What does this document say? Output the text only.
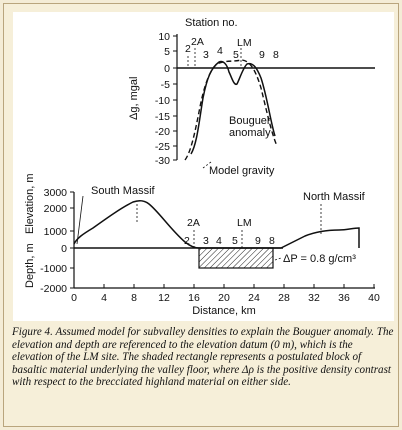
Station no.
2
2A
3 4 5
LM
9 8
10
5
0
-5
-10
-15
-20
-25
-30
Δg, mgal
Bouguer
anomaly
Model gravity
Depth, m
Elevation, m 3000
2000
1000
0
-1000
-2000
0 4 8 12 16 20 24 28 32 36 40
Distance, km
South Massif	North Massif
2
2A
3 4 5
LM
9 8
ΔP = 0.8 g/cm³
Figure 4. Assumed model for subvalley densities to explain the Bouguer anomaly. The elevation and depth are referenced to the elevation datum (0 m), which is the elevation of the LM site. The shaded rectangle represents a postulated block of basaltic material underlying the valley floor, where Δρ is the positive density contrast with respect to the brecciated highland material on either side.
